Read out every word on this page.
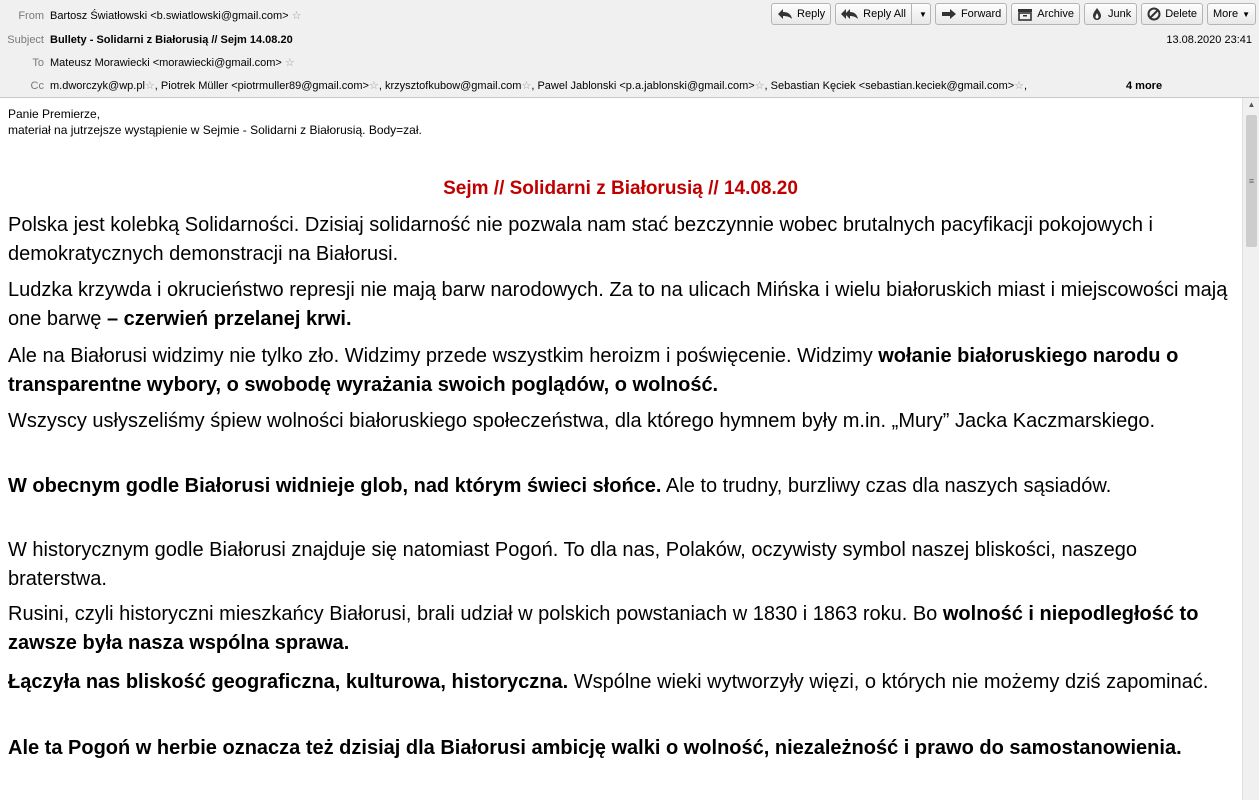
From Bartosz Światłowski <b.swiatlowski@gmail.com> ☆
Subject Bullety - Solidarni z Białorusią // Sejm 14.08.20	13.08.2020 23:41
To Mateusz Morawiecki <morawiecki@gmail.com> ☆
Cc m.dworczyk@wp.pl☆, Piotrek Müller <piotrmuller89@gmail.com>☆, krzysztofkubow@gmail.com☆, Pawel Jablonski <p.a.jablonski@gmail.com>☆, Sebastian Kęciek <sebastian.keciek@gmail.com>☆,	4 more
Reply	Reply All	▼	Forward	Archive	Junk	Delete More ▼
Panie Premierze,
materiał na jutrzejsze wystąpienie w Sejmie - Solidarni z Białorusią. Body=zał.
Sejm // Solidarni z Białorusią // 14.08.20
Polska jest kolebką Solidarności. Dzisiaj solidarność nie pozwala nam stać bezczynnie wobec brutalnych pacyfikacji pokojowych i demokratycznych demonstracji na Białorusi.
Ludzka krzywda i okrucieństwo represji nie mają barw narodowych. Za to na ulicach Mińska i wielu białoruskich miast i miejscowości mają one barwę – czerwień przelanej krwi.
Ale na Białorusi widzimy nie tylko zło. Widzimy przede wszystkim heroizm i poświęcenie. Widzimy wołanie białoruskiego narodu o transparentne wybory, o swobodę wyrażania swoich poglądów, o wolność.
Wszyscy usłyszeliśmy śpiew wolności białoruskiego społeczeństwa, dla którego hymnem były m.in. „Mury” Jacka Kaczmarskiego.
W obecnym godle Białorusi widnieje glob, nad którym świeci słońce. Ale to trudny, burzliwy czas dla naszych sąsiadów.
W historycznym godle Białorusi znajduje się natomiast Pogoń. To dla nas, Polaków, oczywisty symbol naszej bliskości, naszego braterstwa.
Rusini, czyli historyczni mieszkańcy Białorusi, brali udział w polskich powstaniach w 1830 i 1863 roku. Bo wolność i niepodległość to zawsze była nasza wspólna sprawa.
Łączyła nas bliskość geograficzna, kulturowa, historyczna. Wspólne wieki wytworzyły więzi, o których nie możemy dziś zapominać.
Ale ta Pogoń w herbie oznacza też dzisiaj dla Białorusi ambicję walki o wolność, niezależność i prawo do samostanowienia.
▲
≡
